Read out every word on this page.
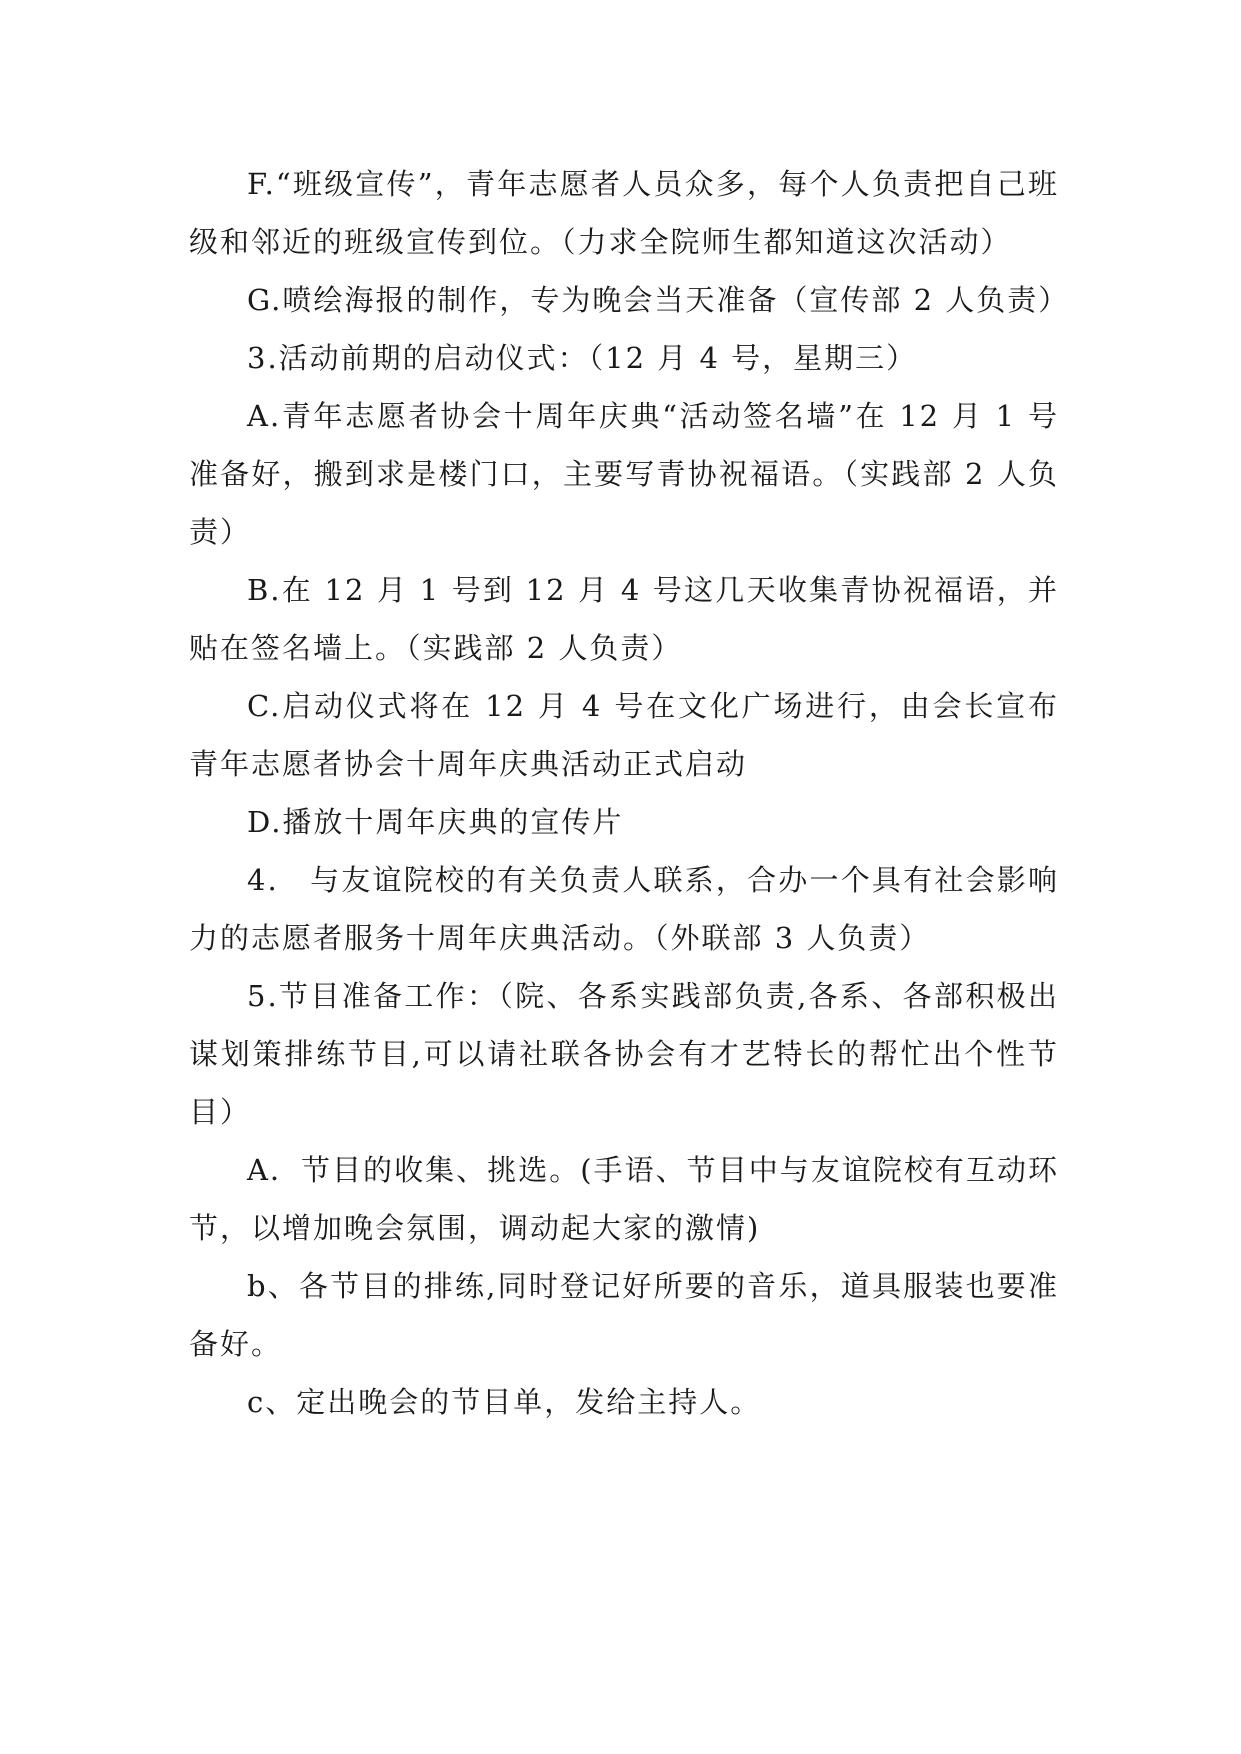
F.“班级宣传”，青年志愿者人员众多，每个人负责把自己班级和邻近的班级宣传到位。（力求全院师生都知道这次活动）

G.喷绘海报的制作，专为晚会当天准备（宣传部 2 人负责）

3.活动前期的启动仪式：（12 月 4 号，星期三）

A.青年志愿者协会十周年庆典“活动签名墙”在 12 月 1 号准备好，搬到求是楼门口，主要写青协祝福语。（实践部 2 人负责）

B.在 12 月 1 号到 12 月 4 号这几天收集青协祝福语，并贴在签名墙上。（实践部 2 人负责）

C.启动仪式将在 12 月 4 号在文化广场进行，由会长宣布青年志愿者协会十周年庆典活动正式启动

D.播放十周年庆典的宣传片

4.　与友谊院校的有关负责人联系，合办一个具有社会影响力的志愿者服务十周年庆典活动。（外联部 3 人负责）

5.节目准备工作：（院、各系实践部负责,各系、各部积极出谋划策排练节目,可以请社联各协会有才艺特长的帮忙出个性节目）

A．节目的收集、挑选。(手语、节目中与友谊院校有互动环节，以增加晚会氛围，调动起大家的激情)

b、各节目的排练,同时登记好所要的音乐，道具服装也要准备好。

c、定出晚会的节目单，发给主持人。
